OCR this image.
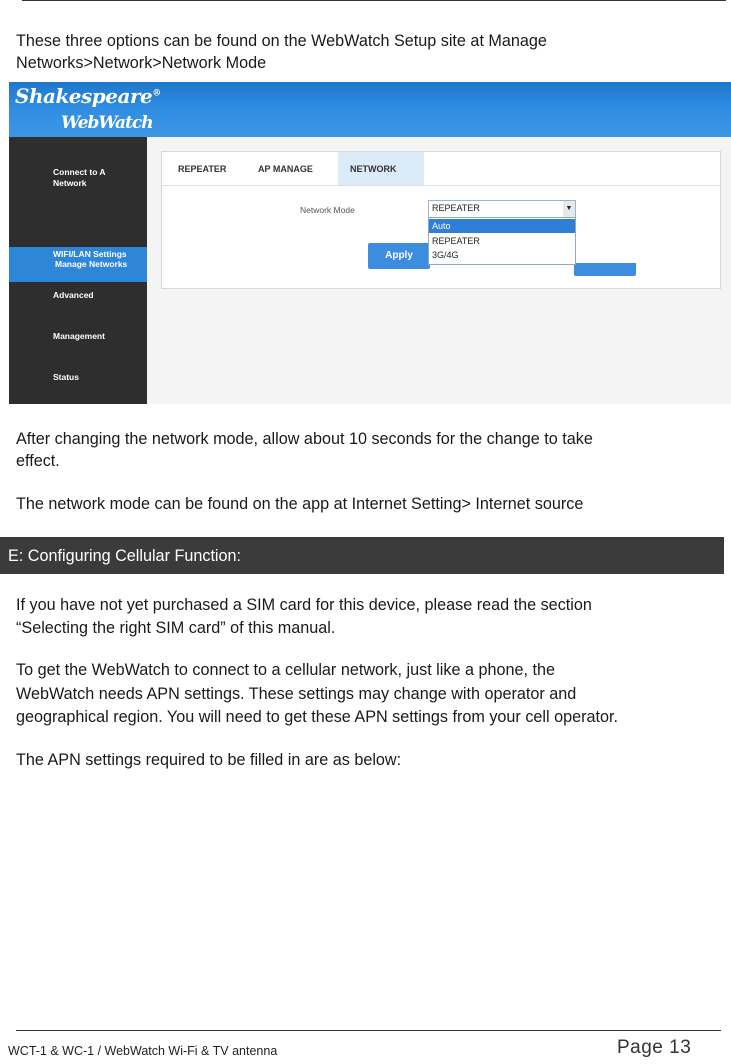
These three options can be found on the WebWatch Setup site at Manage

Networks>Network>Network Mode

Shakespeare®
WebWatch
Connect to A
Network
Manage Networks
WIFI/LAN Settings
Advanced
Management
Status
REPEATER	AP MANAGE	NETWORK
Network Mode	REPEATER	▼
Apply
Auto
REPEATER
3G/4G

After changing the network mode, allow about 10 seconds for the change to take

effect.

The network mode can be found on the app at Internet Setting> Internet source

E: Configuring Cellular Function:

If you have not yet purchased a SIM card for this device, please read the section

“Selecting the right SIM card” of this manual.

To get the WebWatch to connect to a cellular network, just like a phone, the

WebWatch needs APN settings. These settings may change with operator and

geographical region. You will need to get these APN settings from your cell operator.

The APN settings required to be filled in are as below:

WCT-1 & WC-1 / WebWatch Wi-Fi & TV antenna	Page 13
